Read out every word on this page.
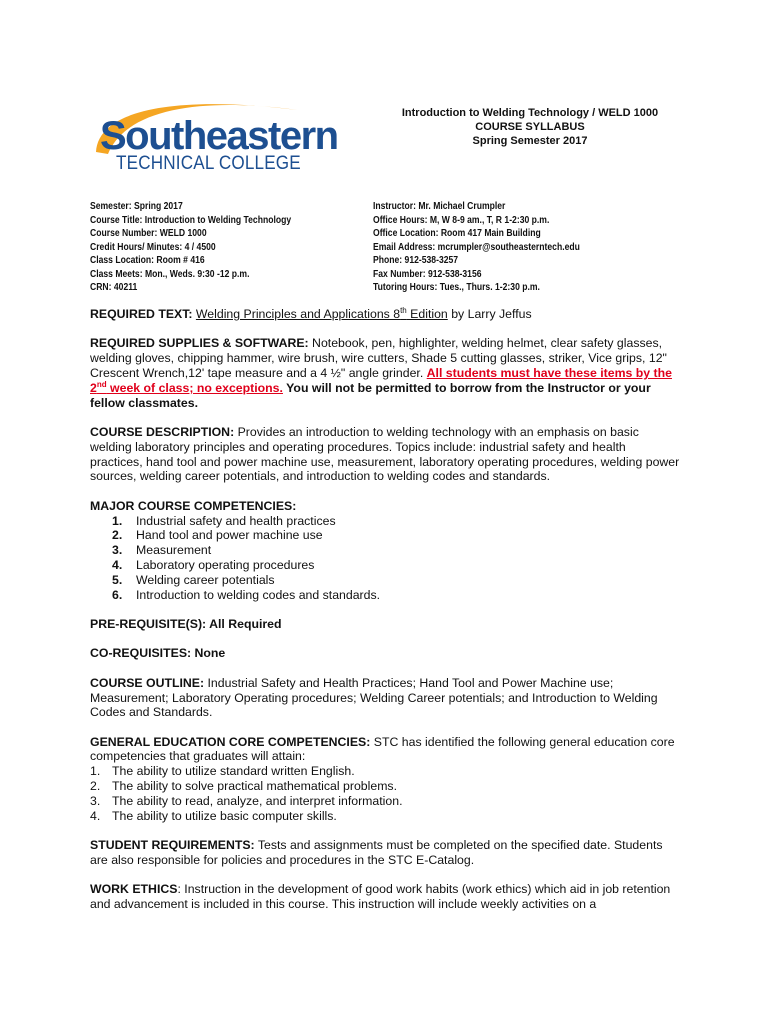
Southeastern
TECHNICAL COLLEGE
Introduction to Welding Technology / WELD 1000
COURSE SYLLABUS
Spring Semester 2017
Semester: Spring 2017
Course Title: Introduction to Welding Technology
Course Number: WELD 1000
Credit Hours/ Minutes: 4 / 4500
Class Location: Room # 416
Class Meets: Mon., Weds. 9:30 -12 p.m.
CRN: 40211
Instructor: Mr. Michael Crumpler
Office Hours: M, W 8-9 am., T, R 1-2:30 p.m.
Office Location: Room 417 Main Building
Email Address: mcrumpler@southeasterntech.edu
Phone: 912-538-3257
Fax Number: 912-538-3156
Tutoring Hours: Tues., Thurs. 1-2:30 p.m.

REQUIRED TEXT: Welding Principles and Applications 8th Edition by Larry Jeffus

REQUIRED SUPPLIES & SOFTWARE: Notebook, pen, highlighter, welding helmet, clear safety glasses, welding gloves, chipping hammer, wire brush, wire cutters, Shade 5 cutting glasses, striker, Vice grips, 12" Crescent Wrench,12' tape measure and a 4 ½" angle grinder. All students must have these items by the 2nd week of class; no exceptions. You will not be permitted to borrow from the Instructor or your fellow classmates.

COURSE DESCRIPTION: Provides an introduction to welding technology with an emphasis on basic welding laboratory principles and operating procedures. Topics include: industrial safety and health practices, hand tool and power machine use, measurement, laboratory operating procedures, welding power sources, welding career potentials, and introduction to welding codes and standards.

MAJOR COURSE COMPETENCIES:
1. Industrial safety and health practices
2. Hand tool and power machine use
3. Measurement
4. Laboratory operating procedures
5. Welding career potentials
6. Introduction to welding codes and standards.

PRE-REQUISITE(S): All Required

CO-REQUISITES: None

COURSE OUTLINE: Industrial Safety and Health Practices; Hand Tool and Power Machine use; Measurement; Laboratory Operating procedures; Welding Career potentials; and Introduction to Welding Codes and Standards.

GENERAL EDUCATION CORE COMPETENCIES: STC has identified the following general education core competencies that graduates will attain:
1. The ability to utilize standard written English.
2. The ability to solve practical mathematical problems.
3. The ability to read, analyze, and interpret information.
4. The ability to utilize basic computer skills.

STUDENT REQUIREMENTS: Tests and assignments must be completed on the specified date. Students are also responsible for policies and procedures in the STC E-Catalog.

WORK ETHICS: Instruction in the development of good work habits (work ethics) which aid in job retention and advancement is included in this course. This instruction will include weekly activities on a
